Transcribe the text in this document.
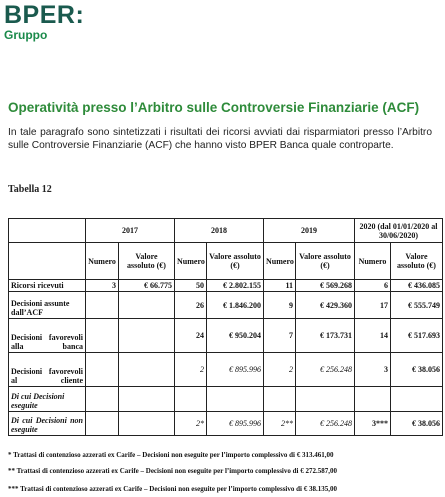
BPER:
Gruppo
Operatività presso l’Arbitro sulle Controversie Finanziarie (ACF)
In tale paragrafo sono sintetizzati i risultati dei ricorsi avviati dai risparmiatori presso l’Arbitro sulle Controversie Finanziarie (ACF) che hanno visto BPER Banca quale controparte.
Tabella 12
	2017		2018		2019		2020 (dal 01/01/2020 al 30/06/2020)	
	Numero	Valore assoluto (€)	Numero	Valore assoluto (€)	Numero	Valore assoluto (€)	Numero	Valore assoluto (€)
Ricorsi ricevuti	3	€ 66.775	50	€ 2.802.155	11	€ 569.268	6	€ 436.085
Decisioni assunte dall’ACF			26	€ 1.846.200	9	€ 429.360	17	€ 555.749
Decisioni favorevoli alla banca			24	€ 950.204	7	€ 173.731	14	€ 517.693
Decisioni favorevoli al cliente			2	€ 895.996	2	€ 256.248	3	€ 38.056
Di cui Decisioni eseguite								
Di cui Decisioni non eseguite			2*	€ 895.996	2**	€ 256.248	3***	€ 38.056
* Trattasi di contenzioso azzerati ex Carife – Decisioni non eseguite per l’importo complessivo di € 313.461,00
** Trattasi di contenzioso azzerati ex Carife – Decisioni non eseguite per l’importo complessivo di € 272.587,00
*** Trattasi di contenzioso azzerati ex Carife – Decisioni non eseguite per l’importo complessivo di € 38.135,00
